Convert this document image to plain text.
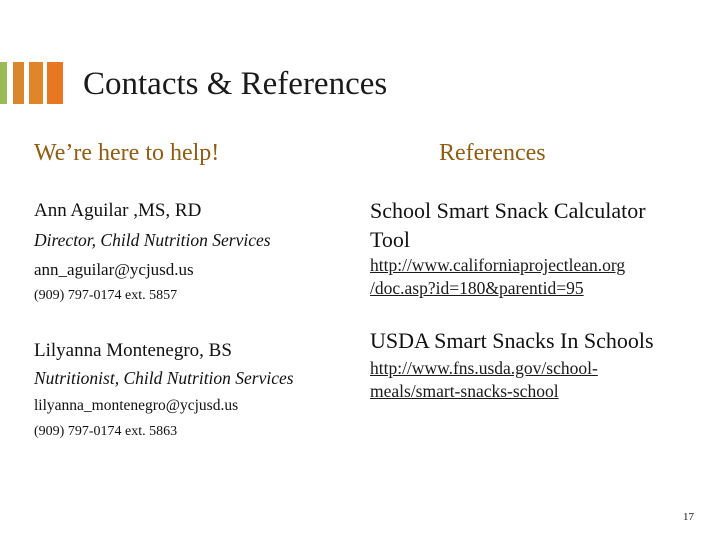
Contacts & References
We’re here to help!	References
Ann Aguilar ,MS, RD
Director, Child Nutrition Services
ann_aguilar@ycjusd.us
(909) 797-0174 ext. 5857
Lilyanna Montenegro, BS
Nutritionist, Child Nutrition Services
lilyanna_montenegro@ycjusd.us
(909) 797-0174 ext. 5863
School Smart Snack Calculator
Tool
http://www.californiaprojectlean.org
/doc.asp?id=180&parentid=95
USDA Smart Snacks In Schools
http://www.fns.usda.gov/school-
meals/smart-snacks-school
17
